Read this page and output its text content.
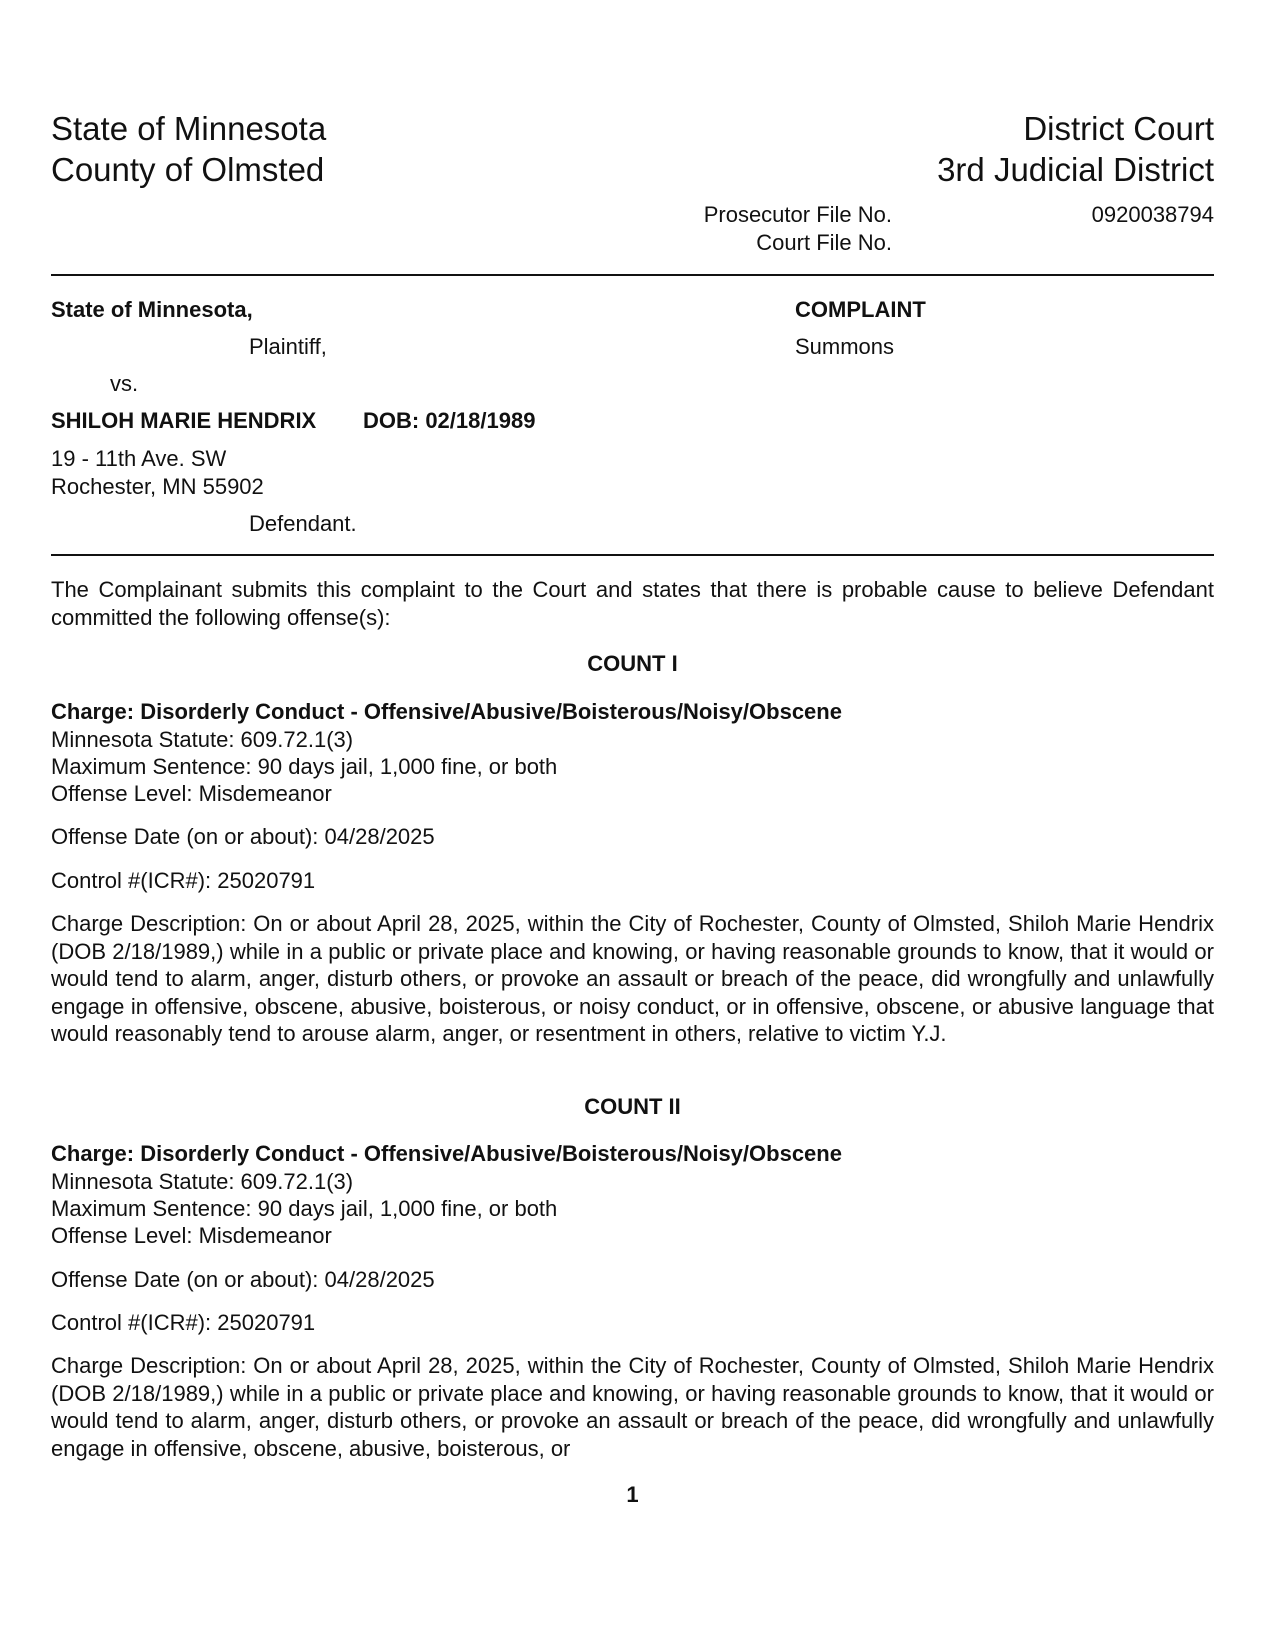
State of Minnesota
County of Olmsted
District Court
3rd Judicial District
Prosecutor File No.	0920038794
Court File No.
State of Minnesota,
Plaintiff,
vs.
SHILOH MARIE HENDRIX DOB: 02/18/1989
19 - 11th Ave. SW
Rochester, MN 55902
Defendant.
COMPLAINT
Summons
The Complainant submits this complaint to the Court and states that there is probable cause to believe Defendant committed the following offense(s):
COUNT I
Charge: Disorderly Conduct - Offensive/Abusive/Boisterous/Noisy/Obscene
Minnesota Statute: 609.72.1(3)
Maximum Sentence: 90 days jail, 1,000 fine, or both
Offense Level: Misdemeanor
Offense Date (on or about): 04/28/2025
Control #(ICR#): 25020791
Charge Description: On or about April 28, 2025, within the City of Rochester, County of Olmsted, Shiloh Marie Hendrix (DOB 2/18/1989,) while in a public or private place and knowing, or having reasonable grounds to know, that it would or would tend to alarm, anger, disturb others, or provoke an assault or breach of the peace, did wrongfully and unlawfully engage in offensive, obscene, abusive, boisterous, or noisy conduct, or in offensive, obscene, or abusive language that would reasonably tend to arouse alarm, anger, or resentment in others, relative to victim Y.J.
COUNT II
Charge: Disorderly Conduct - Offensive/Abusive/Boisterous/Noisy/Obscene
Minnesota Statute: 609.72.1(3)
Maximum Sentence: 90 days jail, 1,000 fine, or both
Offense Level: Misdemeanor
Offense Date (on or about): 04/28/2025
Control #(ICR#): 25020791
Charge Description: On or about April 28, 2025, within the City of Rochester, County of Olmsted, Shiloh Marie Hendrix (DOB 2/18/1989,) while in a public or private place and knowing, or having reasonable grounds to know, that it would or would tend to alarm, anger, disturb others, or provoke an assault or breach of the peace, did wrongfully and unlawfully engage in offensive, obscene, abusive, boisterous, or
1
